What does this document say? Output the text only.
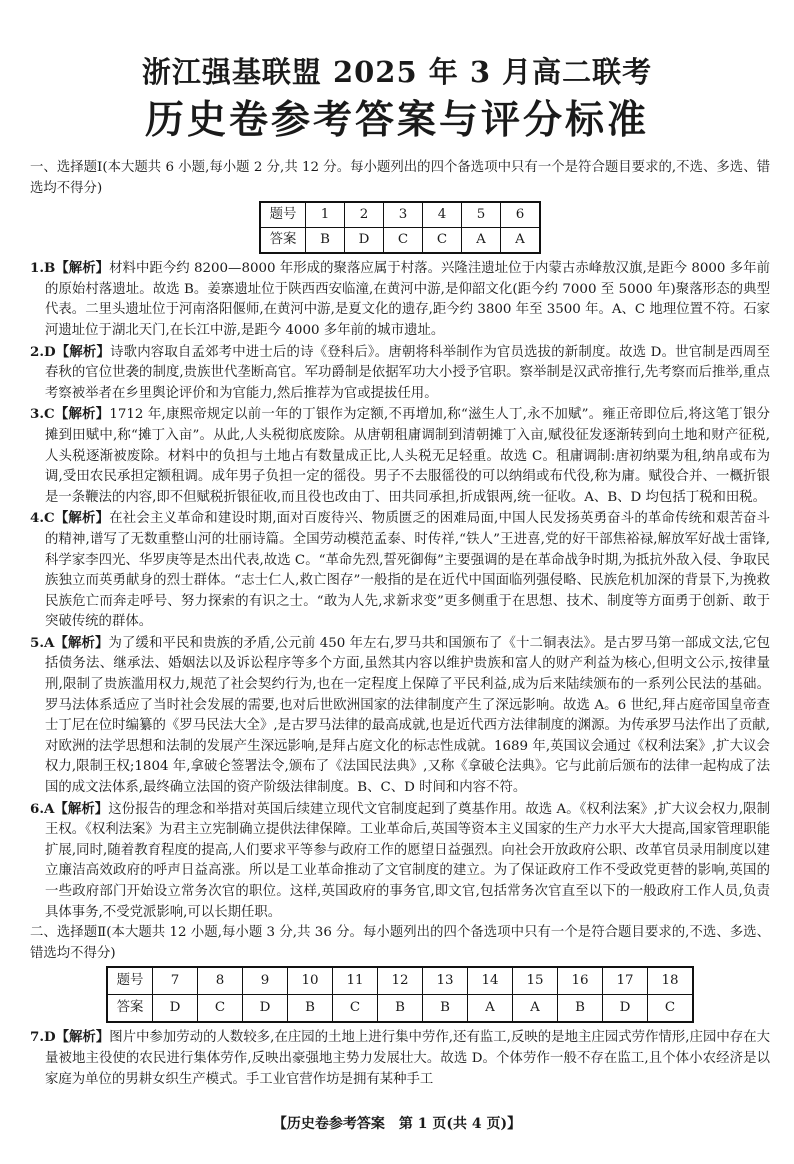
浙江强基联盟 2025 年 3 月高二联考
历史卷参考答案与评分标准

一、选择题Ⅰ(本大题共 6 小题,每小题 2 分,共 12 分。每小题列出的四个备选项中只有一个是符合题目要求的,不选、多选、错选均不得分)

题号	1	2	3	4	5	6
答案	B	D	C	C	A	A

1.B【解析】材料中距今约 8200—8000 年形成的聚落应属于村落。兴隆洼遗址位于内蒙古赤峰敖汉旗,是距今 8000 多年前的原始村落遗址。故选 B。姜寨遗址位于陕西西安临潼,在黄河中游,是仰韶文化(距今约 7000 至 5000 年)聚落形态的典型代表。二里头遗址位于河南洛阳偃师,在黄河中游,是夏文化的遗存,距今约 3800 年至 3500 年。A、C 地理位置不符。石家河遗址位于湖北天门,在长江中游,是距今 4000 多年前的城市遗址。

2.D【解析】诗歌内容取自孟郊考中进士后的诗《登科后》。唐朝将科举制作为官员选拔的新制度。故选 D。世官制是西周至春秋的官位世袭的制度,贵族世代垄断高官。军功爵制是依据军功大小授予官职。察举制是汉武帝推行,先考察而后推举,重点考察被举者在乡里舆论评价和为官能力,然后推荐为官或提拔任用。

3.C【解析】1712 年,康熙帝规定以前一年的丁银作为定额,不再增加,称“滋生人丁,永不加赋”。雍正帝即位后,将这笔丁银分摊到田赋中,称“摊丁入亩”。从此,人头税彻底废除。从唐朝租庸调制到清朝摊丁入亩,赋役征发逐渐转到向土地和财产征税,人头税逐渐被废除。材料中的负担与土地占有数量成正比,人头税无足轻重。故选 C。租庸调制:唐初纳粟为租,纳帛或布为调,受田农民承担定额租调。成年男子负担一定的徭役。男子不去服徭役的可以纳绢或布代役,称为庸。赋役合并、一概折银是一条鞭法的内容,即不但赋税折银征收,而且役也改由丁、田共同承担,折成银两,统一征收。A、B、D 均包括丁税和田税。

4.C【解析】在社会主义革命和建设时期,面对百废待兴、物质匮乏的困难局面,中国人民发扬英勇奋斗的革命传统和艰苦奋斗的精神,谱写了无数重整山河的壮丽诗篇。全国劳动模范孟泰、时传祥,“铁人”王进喜,党的好干部焦裕禄,解放军好战士雷锋,科学家李四光、华罗庚等是杰出代表,故选 C。“革命先烈,誓死御侮”主要强调的是在革命战争时期,为抵抗外敌入侵、争取民族独立而英勇献身的烈士群体。“志士仁人,救亡图存”一般指的是在近代中国面临列强侵略、民族危机加深的背景下,为挽救民族危亡而奔走呼号、努力探索的有识之士。“敢为人先,求新求变”更多侧重于在思想、技术、制度等方面勇于创新、敢于突破传统的群体。

5.A【解析】为了缓和平民和贵族的矛盾,公元前 450 年左右,罗马共和国颁布了《十二铜表法》。是古罗马第一部成文法,它包括债务法、继承法、婚姻法以及诉讼程序等多个方面,虽然其内容以维护贵族和富人的财产利益为核心,但明文公示,按律量刑,限制了贵族滥用权力,规范了社会契约行为,也在一定程度上保障了平民利益,成为后来陆续颁布的一系列公民法的基础。罗马法体系适应了当时社会发展的需要,也对后世欧洲国家的法律制度产生了深远影响。故选 A。6 世纪,拜占庭帝国皇帝查士丁尼在位时编纂的《罗马民法大全》,是古罗马法律的最高成就,也是近代西方法律制度的渊源。为传承罗马法作出了贡献,对欧洲的法学思想和法制的发展产生深远影响,是拜占庭文化的标志性成就。1689 年,英国议会通过《权利法案》,扩大议会权力,限制王权;1804 年,拿破仑签署法令,颁布了《法国民法典》,又称《拿破仑法典》。它与此前后颁布的法律一起构成了法国的成文法体系,最终确立法国的资产阶级法律制度。B、C、D 时间和内容不符。

6.A【解析】这份报告的理念和举措对英国后续建立现代文官制度起到了奠基作用。故选 A。《权利法案》,扩大议会权力,限制王权。《权利法案》为君主立宪制确立提供法律保障。工业革命后,英国等资本主义国家的生产力水平大大提高,国家管理职能扩展,同时,随着教育程度的提高,人们要求平等参与政府工作的愿望日益强烈。向社会开放政府公职、改革官员录用制度以建立廉洁高效政府的呼声日益高涨。所以是工业革命推动了文官制度的建立。为了保证政府工作不受政党更替的影响,英国的一些政府部门开始设立常务次官的职位。这样,英国政府的事务官,即文官,包括常务次官直至以下的一般政府工作人员,负责具体事务,不受党派影响,可以长期任职。

二、选择题Ⅱ(本大题共 12 小题,每小题 3 分,共 36 分。每小题列出的四个备选项中只有一个是符合题目要求的,不选、多选、错选均不得分)

题号	7	8	9	10	11	12	13	14	15	16	17	18
答案	D	C	D	B	C	B	B	A	A	B	D	C

7.D【解析】图片中参加劳动的人数较多,在庄园的土地上进行集中劳作,还有监工,反映的是地主庄园式劳作情形,庄园中存在大量被地主役使的农民进行集体劳作,反映出豪强地主势力发展壮大。故选 D。个体劳作一般不存在监工,且个体小农经济是以家庭为单位的男耕女织生产模式。手工业官营作坊是拥有某种手工

【历史卷参考答案　第 1 页(共 4 页)】
